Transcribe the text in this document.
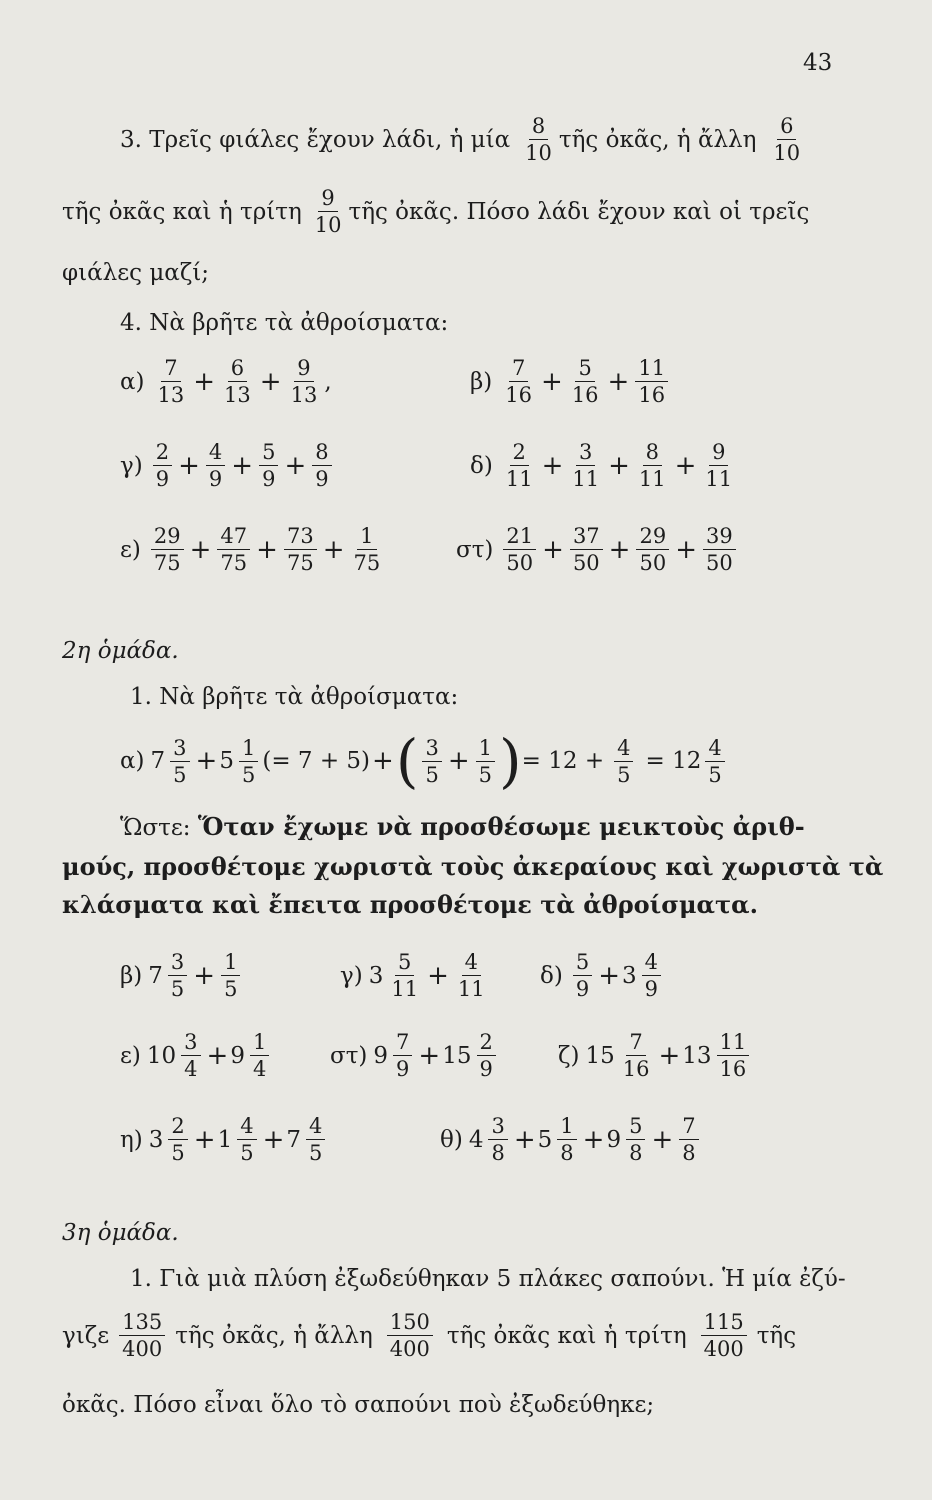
43
3. Τρεῖς φιάλες ἔχουν λάδι, ἡ μία $\frac{8}{10}$ τῆς ὀκᾶς, ἡ ἄλλη $\frac{6}{10}$
τῆς ὀκᾶς καὶ ἡ τρίτη $\frac{9}{10}$ τῆς ὀκᾶς. Πόσο λάδι ἔχουν καὶ οἱ τρεῖς
φιάλες μαζί;
4. Νὰ βρῆτε τὰ ἀθροίσματα:
$\alpha) \frac{7}{13} + \frac{6}{13} + \frac{9}{13}$ ,	$\beta) \frac{7}{16} + \frac{5}{16} + \frac{11}{16}$
$\gamma) \frac{2}{9} + \frac{4}{9} + \frac{5}{9} + \frac{8}{9}$	$\delta) \frac{2}{11} + \frac{3}{11} + \frac{8}{11} + \frac{9}{11}$
$\varepsilon) \frac{29}{75} + \frac{47}{75} + \frac{73}{75} + \frac{1}{75}$	$\sigma\tau) \frac{21}{50} + \frac{37}{50} + \frac{29}{50} + \frac{39}{50}$
2η ὁμάδα.
1. Νὰ βρῆτε τὰ ἀθροίσματα:
α) $7 \frac{3}{5} + 5 \frac{1}{5}$ (= 7 + 5) + ( $\frac{3}{5} + \frac{1}{5}$ ) = $12 + \frac{4}{5} = 12 \frac{4}{5}$
Ὥστε: Ὅταν ἔχωμε νὰ προσθέσωμε μεικτοὺς ἀριθ-
μούς, προσθέτομε χωριστὰ τοὺς ἀκεραίους καὶ χωριστὰ τὰ
κλάσματα καὶ ἔπειτα προσθέτομε τὰ ἀθροίσματα.
β) $7 \frac{3}{5} + \frac{1}{5}$	γ) $3 \frac{5}{11} + \frac{4}{11} \delta) \frac{5}{9} + 3 \frac{4}{9}$
ε) $10 \frac{3}{4} + 9 \frac{1}{4}$	στ) $9 \frac{7}{9} + 15 \frac{2}{9}$	ζ) $15 \frac{7}{16} + 13 \frac{11}{16}$
η) $3 \frac{2}{5} + 1 \frac{4}{5} + 7 \frac{4}{5}$	θ) $4 \frac{3}{8} + 5 \frac{1}{8} + 9 \frac{5}{8} + \frac{7}{8}$
3η ὁμάδα.
1. Γιὰ μιὰ πλύση ἐξωδεύθηκαν 5 πλάκες σαπούνι. Ἡ μία ἐζύ-
γιζε $\frac{135}{400}$ τῆς ὀκᾶς, ἡ ἄλλη $\frac{150}{400}$ τῆς ὀκᾶς καὶ ἡ τρίτη $\frac{115}{400}$ τῆς
ὀκᾶς. Πόσο εἶναι ὅλο τὸ σαπούνι ποὺ ἐξωδεύθηκε;
